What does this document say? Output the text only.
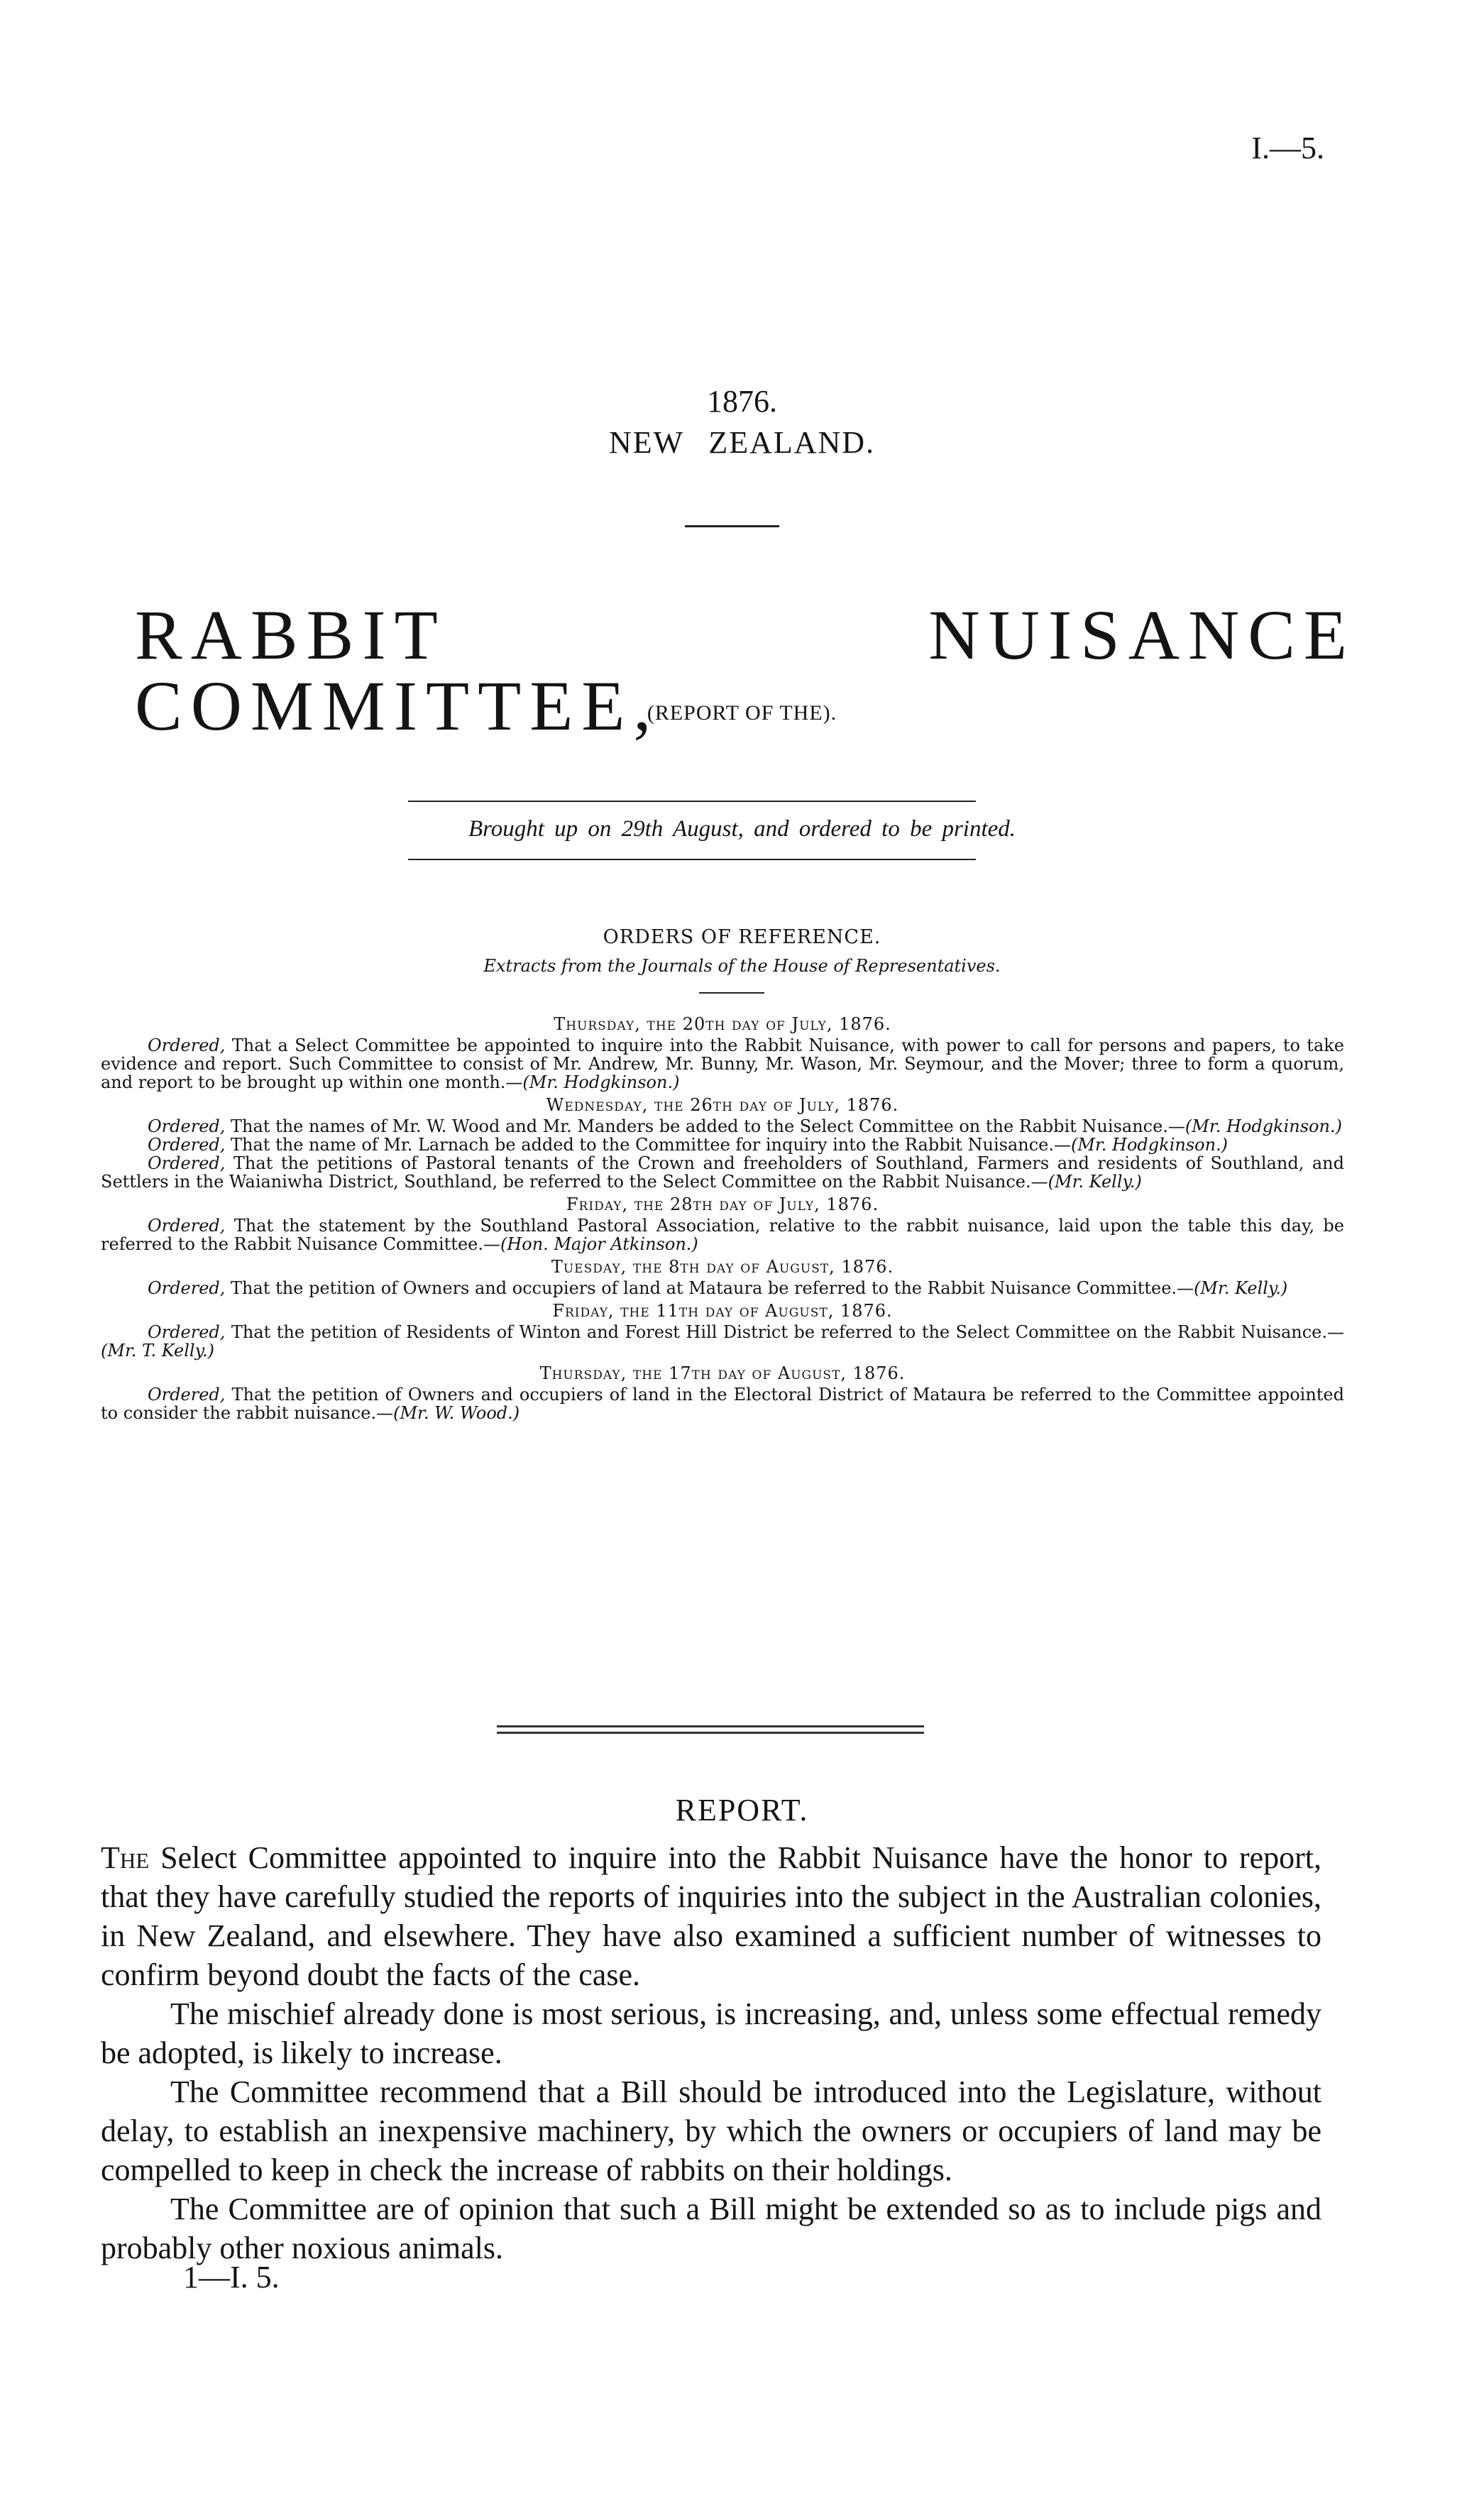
I.—5.
1876.
NEW ZEALAND.
RABBIT NUISANCE COMMITTEE,
(REPORT OF THE).
Brought up on 29th August, and ordered to be printed.
ORDERS OF REFERENCE.
Extracts from the Journals of the House of Representatives.
Thursday, the 20th day of July, 1876.
Ordered, That a Select Committee be appointed to inquire into the Rabbit Nuisance, with power to call for persons and papers, to take evidence and report. Such Committee to consist of Mr. Andrew, Mr. Bunny, Mr. Wason, Mr. Seymour, and the Mover; three to form a quorum, and report to be brought up within one month.—(Mr. Hodgkinson.)
Wednesday, the 26th day of July, 1876.
Ordered, That the names of Mr. W. Wood and Mr. Manders be added to the Select Committee on the Rabbit Nuisance.—(Mr. Hodgkinson.)
Ordered, That the name of Mr. Larnach be added to the Committee for inquiry into the Rabbit Nuisance.—(Mr. Hodgkinson.)
Ordered, That the petitions of Pastoral tenants of the Crown and freeholders of Southland, Farmers and residents of Southland, and Settlers in the Waianiwha District, Southland, be referred to the Select Committee on the Rabbit Nuisance.—(Mr. Kelly.)
Friday, the 28th day of July, 1876.
Ordered, That the statement by the Southland Pastoral Association, relative to the rabbit nuisance, laid upon the table this day, be referred to the Rabbit Nuisance Committee.—(Hon. Major Atkinson.)
Tuesday, the 8th day of August, 1876.
Ordered, That the petition of Owners and occupiers of land at Mataura be referred to the Rabbit Nuisance Committee.—(Mr. Kelly.)
Friday, the 11th day of August, 1876.
Ordered, That the petition of Residents of Winton and Forest Hill District be referred to the Select Committee on the Rabbit Nuisance.—(Mr. T. Kelly.)
Thursday, the 17th day of August, 1876.
Ordered, That the petition of Owners and occupiers of land in the Electoral District of Mataura be referred to the Committee appointed to consider the rabbit nuisance.—(Mr. W. Wood.)
REPORT.

The Select Committee appointed to inquire into the Rabbit Nuisance have the honor to report, that they have carefully studied the reports of inquiries into the subject in the Australian colonies, in New Zealand, and elsewhere. They have also examined a sufficient number of witnesses to confirm beyond doubt the facts of the case.

The mischief already done is most serious, is increasing, and, unless some effectual remedy be adopted, is likely to increase.

The Committee recommend that a Bill should be introduced into the Legislature, without delay, to establish an inexpensive machinery, by which the owners or occupiers of land may be compelled to keep in check the increase of rabbits on their holdings.

The Committee are of opinion that such a Bill might be extended so as to include pigs and probably other noxious animals.

1—I. 5.
